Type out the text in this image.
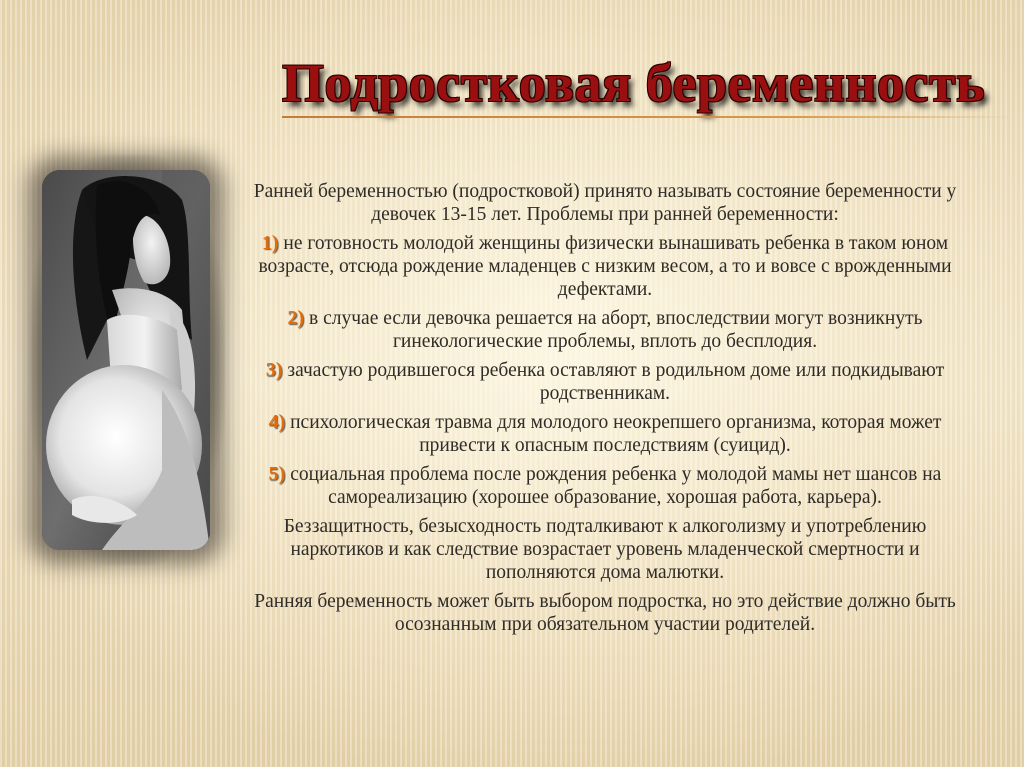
Подростковая беременность

Ранней беременностью (подростковой) принято называть состояние беременности у девочек 13-15 лет. Проблемы при ранней беременности:

1) не готовность молодой женщины физически вынашивать ребенка в таком юном возрасте, отсюда рождение младенцев с низким весом, а то и вовсе с врожденными дефектами.

2) в случае если девочка решается на аборт, впоследствии могут возникнуть гинекологические проблемы, вплоть до бесплодия.

3) зачастую родившегося ребенка оставляют в родильном доме или подкидывают родственникам.

4) психологическая травма для молодого неокрепшего организма, которая может привести к опасным последствиям (суицид).

5) социальная проблема после рождения ребенка у молодой мамы нет шансов на самореализацию (хорошее образование, хорошая работа, карьера).

Беззащитность, безысходность подталкивают к алкоголизму и употреблению наркотиков и как следствие возрастает уровень младенческой смертности и пополняются дома малютки.

Ранняя беременность может быть выбором подростка, но это действие должно быть осознанным при обязательном участии родителей.
